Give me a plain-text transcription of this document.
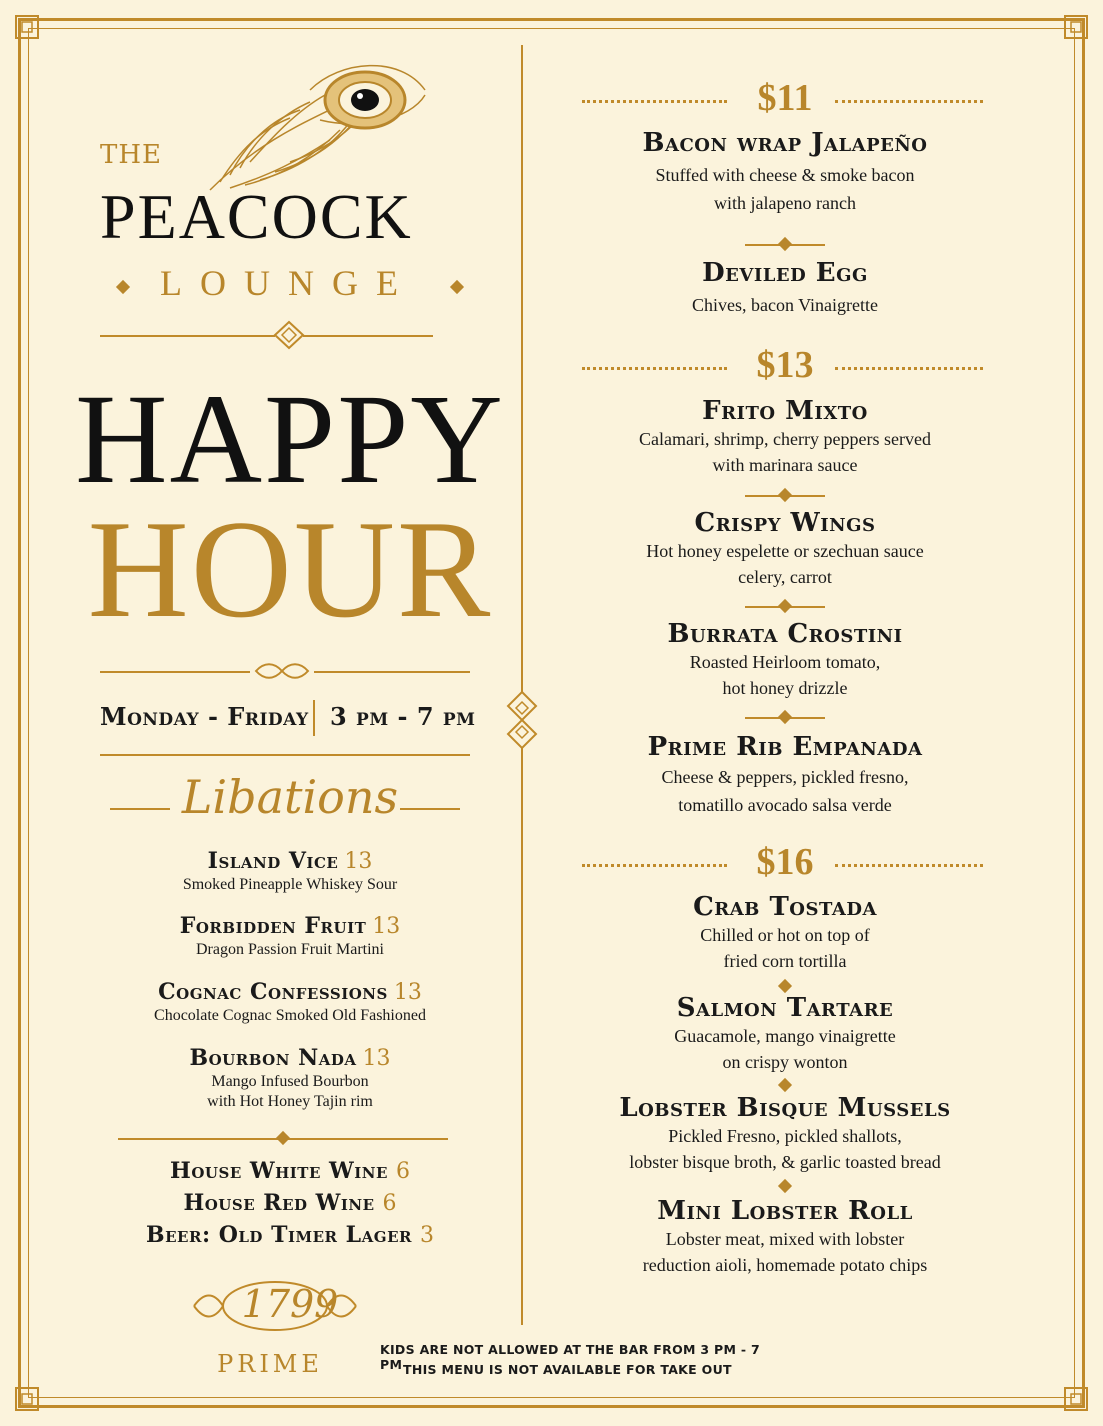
THE
PEACOCK
LOUNGE
HAPPY
HOUR
Monday - Friday 3 pm - 7 pm
Libations
Island Vice 13
Smoked Pineapple Whiskey Sour
Forbidden Fruit 13
Dragon Passion Fruit Martini
Cognac Confessions 13
Chocolate Cognac Smoked Old Fashioned
Bourbon Nada 13
Mango Infused Bourbon
with Hot Honey Tajin rim
House White Wine 6
House Red Wine 6
Beer: Old Timer Lager 3
1799
PRIME
$11
Bacon wrap Jalapeño
Stuffed with cheese & smoke bacon
with jalapeno ranch
Deviled Egg
Chives, bacon Vinaigrette
$13
Frito Mixto
Calamari, shrimp, cherry peppers served
with marinara sauce
Crispy Wings
Hot honey espelette or szechuan sauce
celery, carrot
Burrata Crostini
Roasted Heirloom tomato,
hot honey drizzle
Prime Rib Empanada
Cheese & peppers, pickled fresno,
tomatillo avocado salsa verde
$16
Crab Tostada
Chilled or hot on top of
fried corn tortilla
Salmon Tartare
Guacamole, mango vinaigrette
on crispy wonton
Lobster Bisque Mussels
Pickled Fresno, pickled shallots,
lobster bisque broth, & garlic toasted bread
Mini Lobster Roll
Lobster meat, mixed with lobster
reduction aioli, homemade potato chips
KIDS ARE NOT ALLOWED AT THE BAR FROM 3 PM - 7 PM THIS MENU IS NOT AVAILABLE FOR TAKE OUT
